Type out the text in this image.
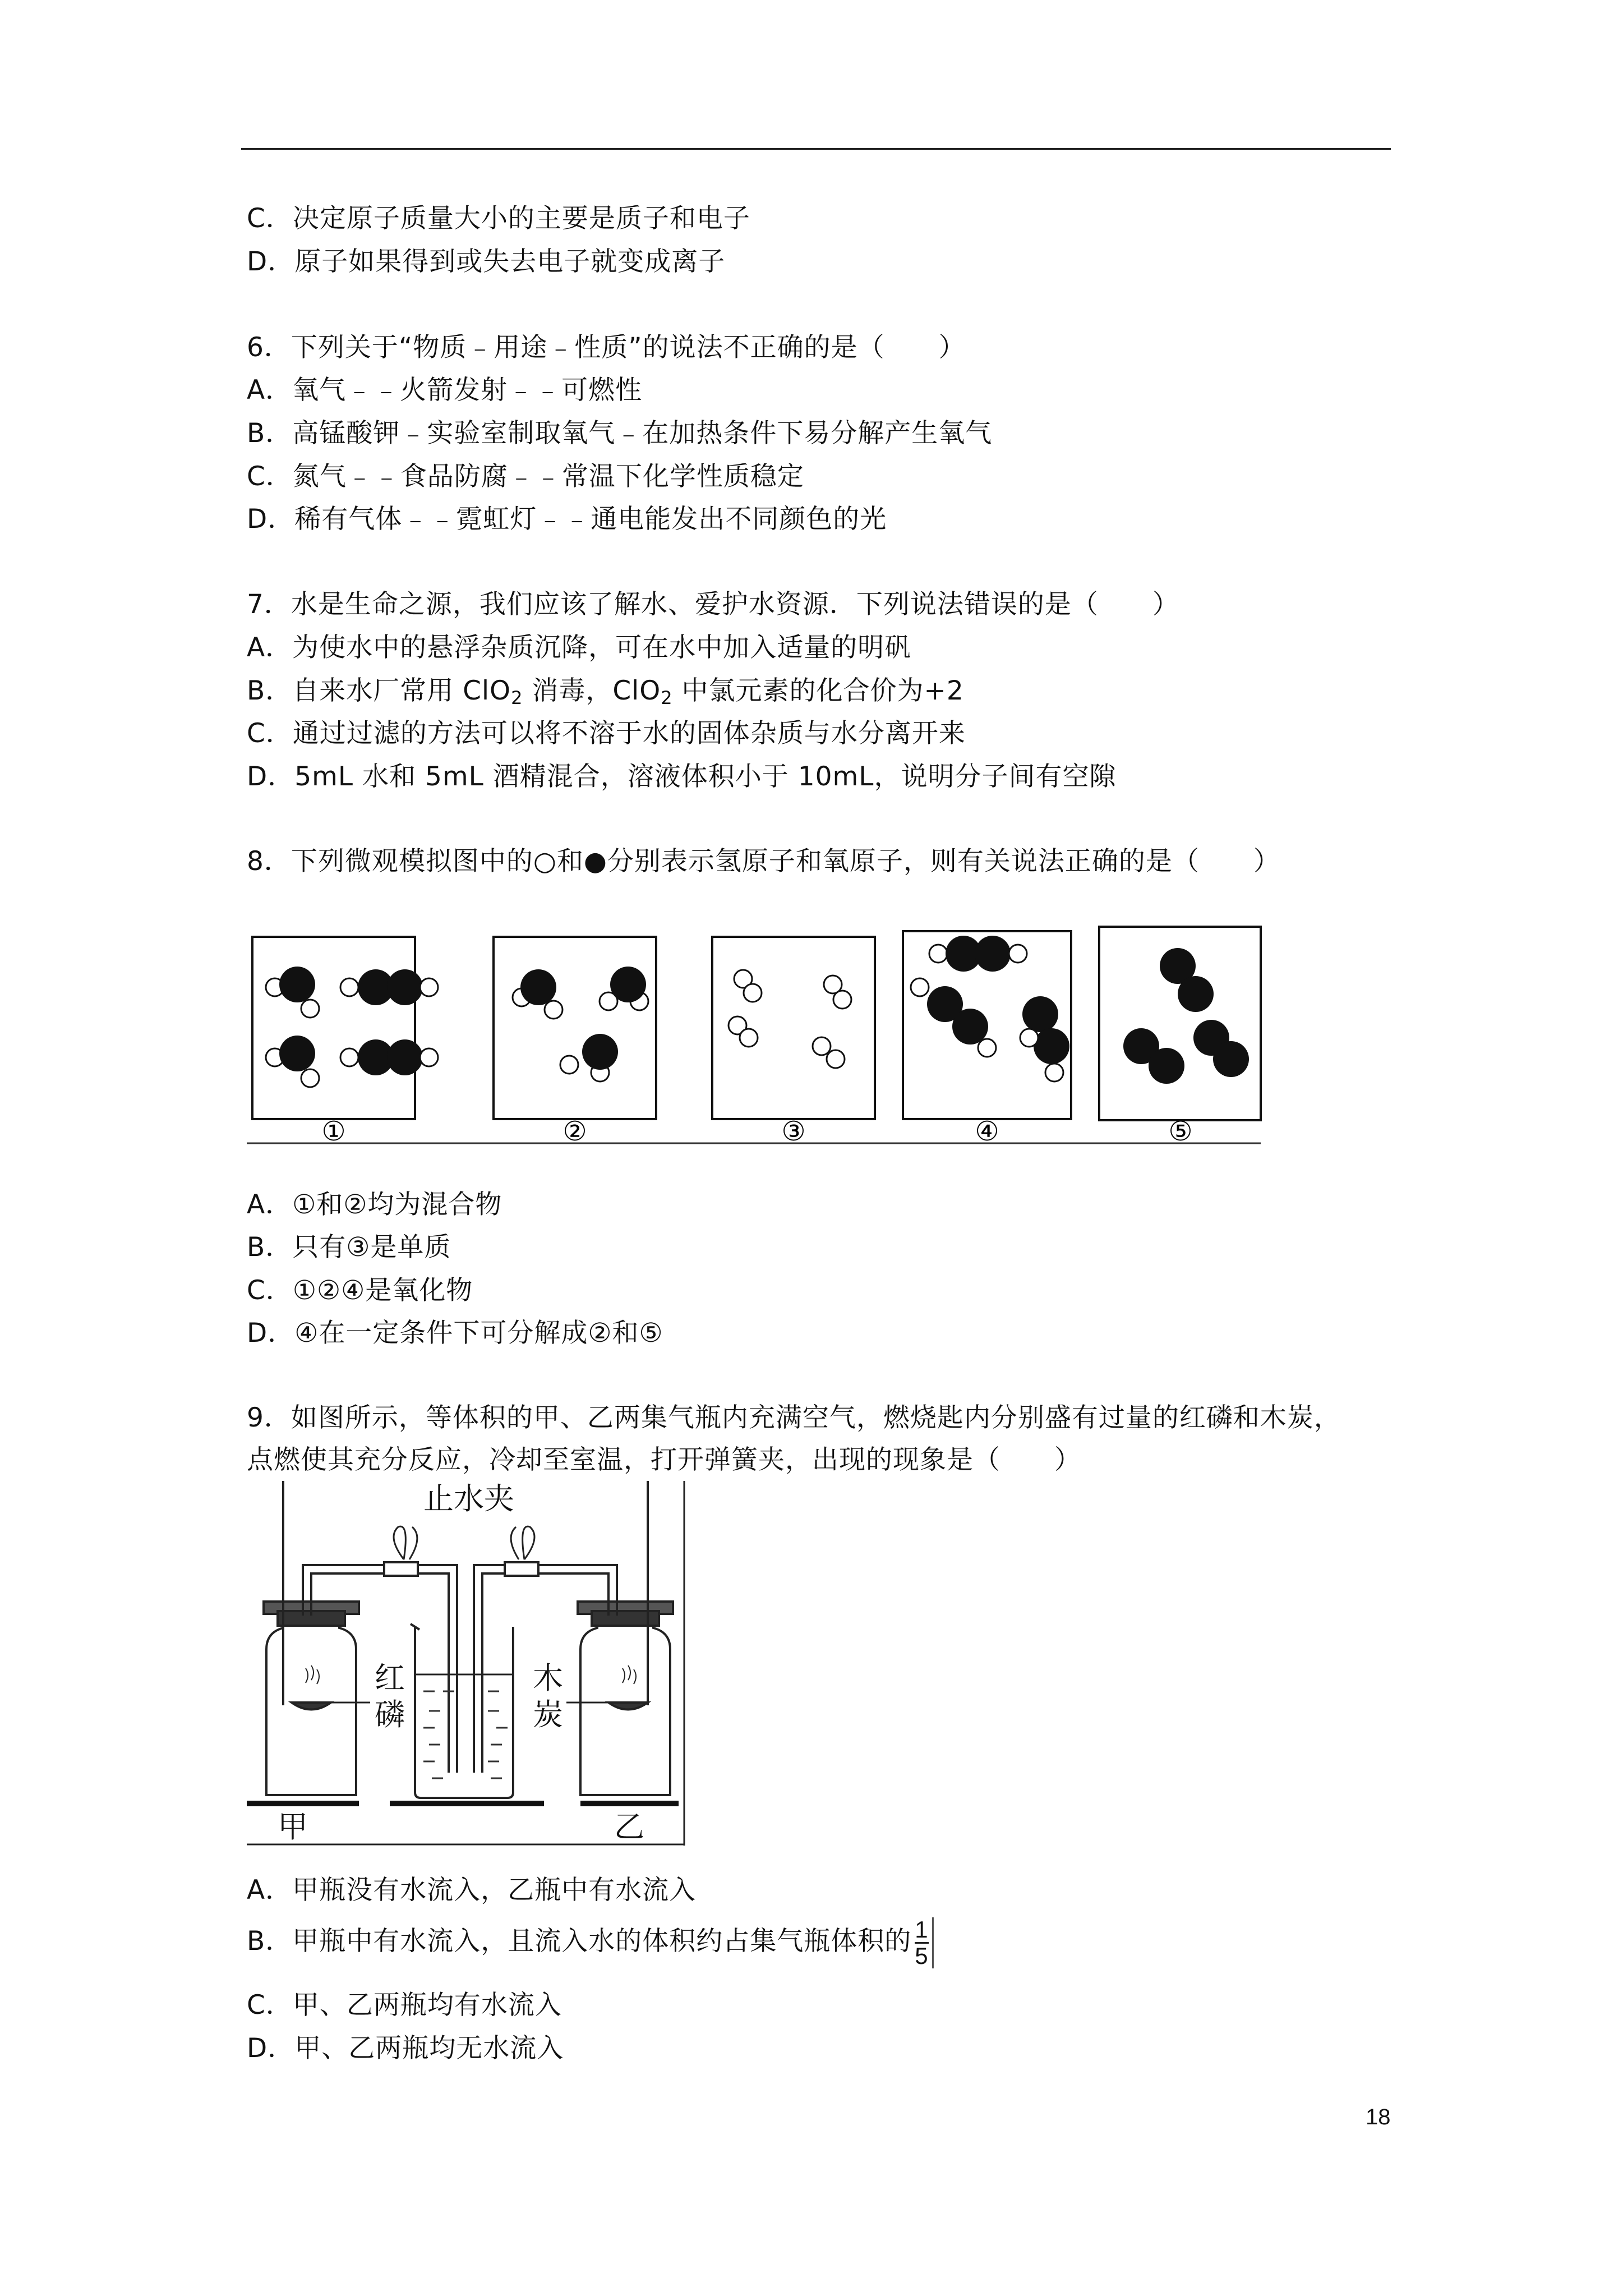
C．决定原子质量大小的主要是质子和电子
D．原子如果得到或失去电子就变成离子
6．下列关于“物质﹣用途﹣性质”的说法不正确的是（　　）
A．氧气﹣﹣火箭发射﹣﹣可燃性
B．高锰酸钾﹣实验室制取氧气﹣在加热条件下易分解产生氧气
C．氮气﹣﹣食品防腐﹣﹣常温下化学性质稳定
D．稀有气体﹣﹣霓虹灯﹣﹣通电能发出不同颜色的光
7．水是生命之源，我们应该了解水、爱护水资源．下列说法错误的是（　　）
A．为使水中的悬浮杂质沉降，可在水中加入适量的明矾
B．自来水厂常用 ClO$_2$ 消毒，ClO$_2$ 中氯元素的化合价为+2
C．通过过滤的方法可以将不溶于水的固体杂质与水分离开来
D．5mL 水和 5mL 酒精混合，溶液体积小于 10mL，说明分子间有空隙
8．下列微观模拟图中的○和●分别表示氢原子和氧原子，则有关说法正确的是（　　）
①	②	③	④	⑤
A．①和②均为混合物
B．只有③是单质
C．①②④是氧化物
D．④在一定条件下可分解成②和⑤
9．如图所示，等体积的甲、乙两集气瓶内充满空气，燃烧匙内分别盛有过量的红磷和木炭，
点燃使其充分反应，冷却至室温，打开弹簧夹，出现的现象是（　　）
止水夹
红
磷
木
炭
甲	乙
A．甲瓶没有水流入，乙瓶中有水流入
B．甲瓶中有水流入，且流入水的体积约占集气瓶体积的 $\frac{1}{5}$
C．甲、乙两瓶均有水流入
D．甲、乙两瓶均无水流入
18
